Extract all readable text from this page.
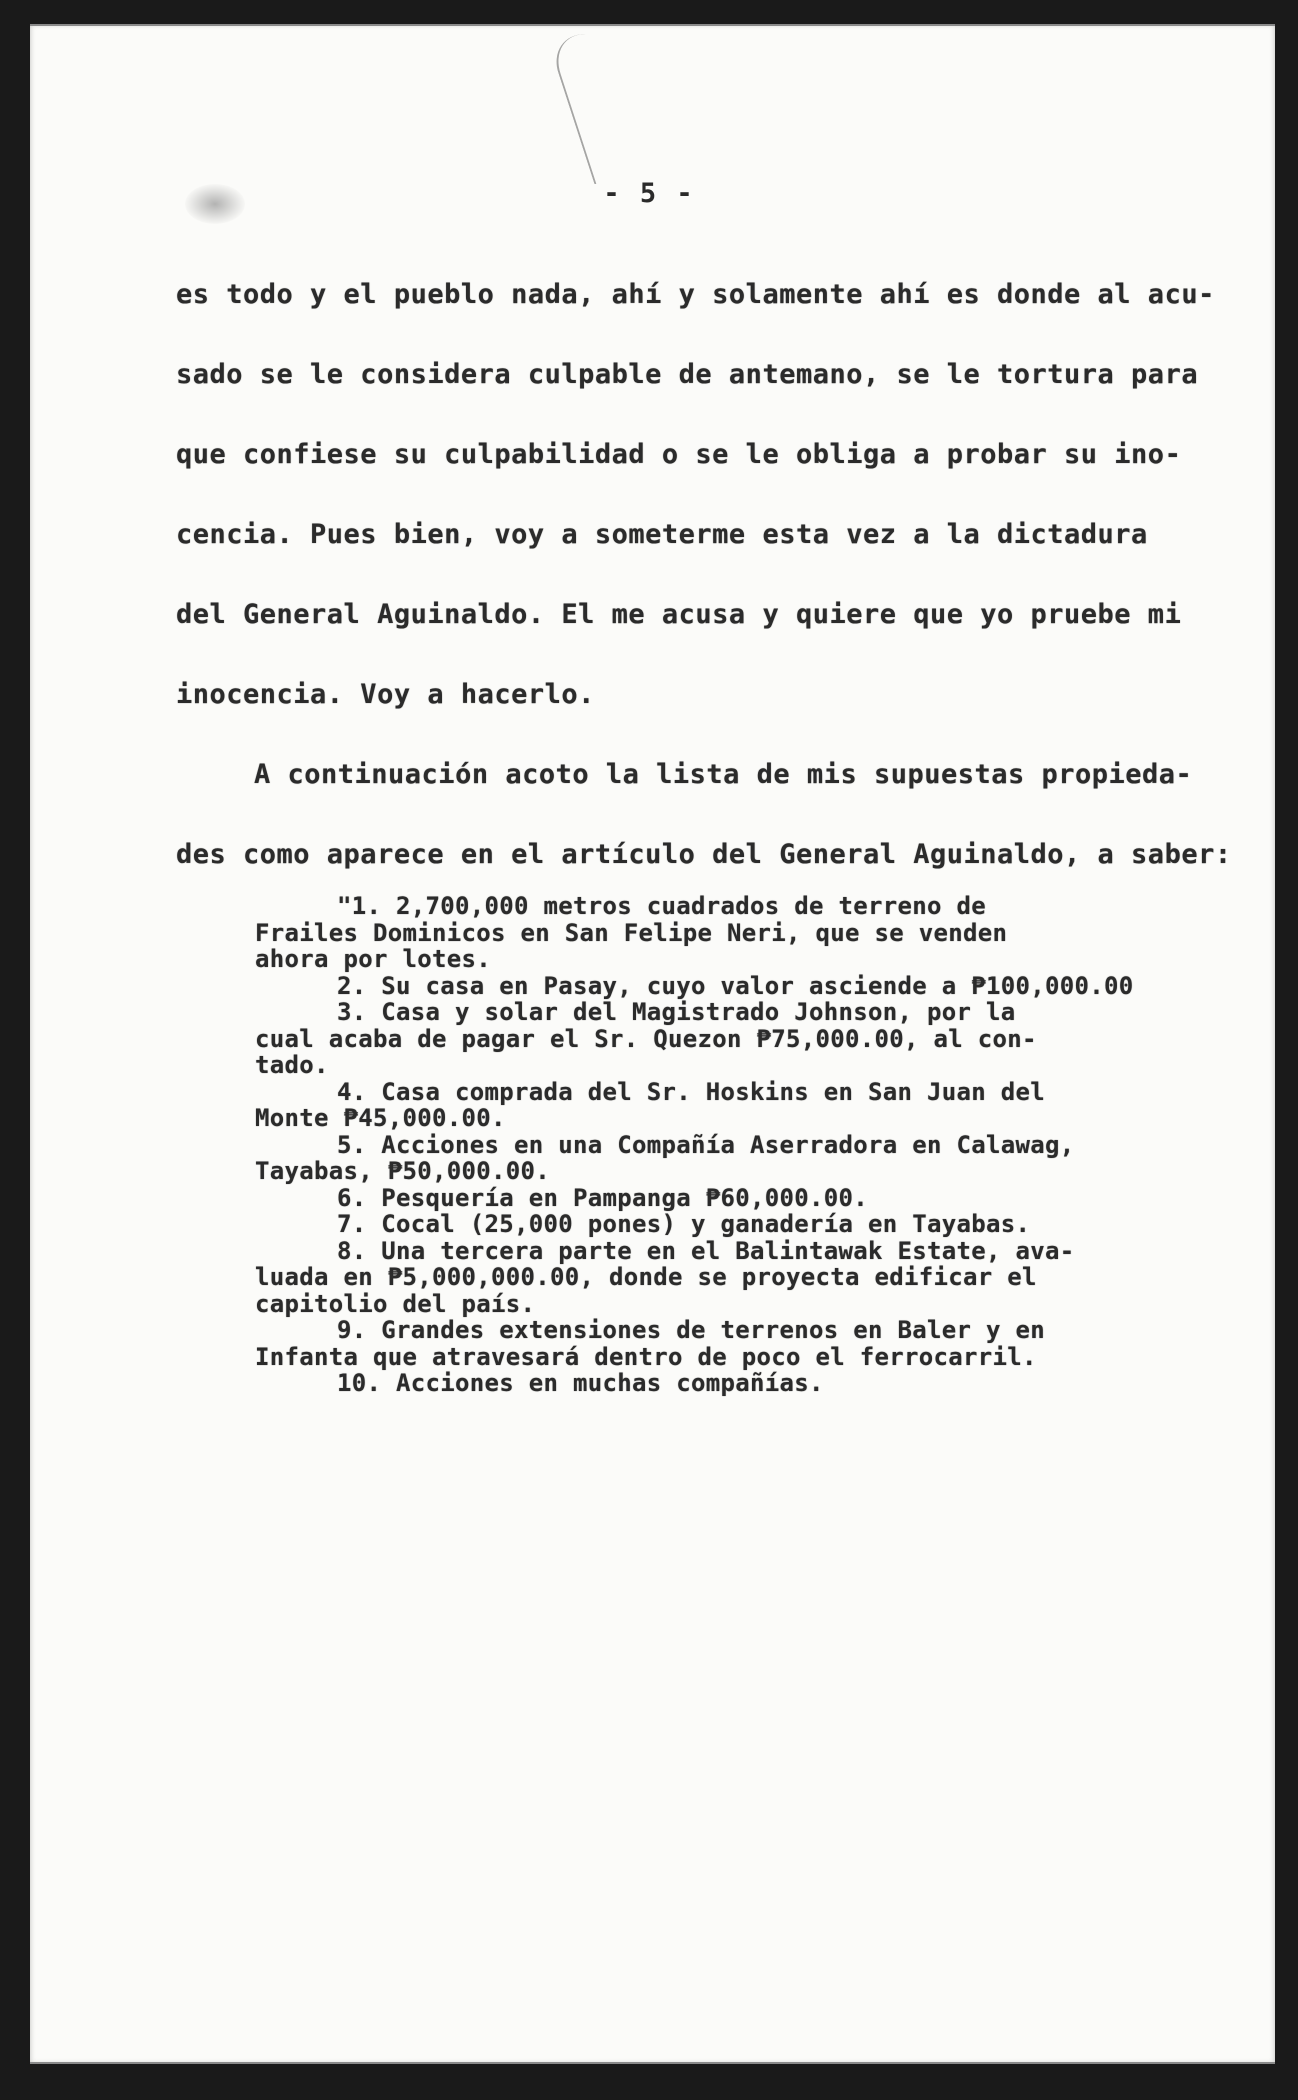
- 5 -
es todo y el pueblo nada, ahí y solamente ahí es donde al acu-
sado se le considera culpable de antemano, se le tortura para
que confiese su culpabilidad o se le obliga a probar su ino-
cencia. Pues bien, voy a someterme esta vez a la dictadura
del General Aguinaldo. El me acusa y quiere que yo pruebe mi
inocencia. Voy a hacerlo.
A continuación acoto la lista de mis supuestas propieda-
des como aparece en el artículo del General Aguinaldo, a saber:
"1. 2,700,000 metros cuadrados de terreno de
Frailes Dominicos en San Felipe Neri, que se venden
ahora por lotes.
2. Su casa en Pasay, cuyo valor asciende a ₱100,000.00
3. Casa y solar del Magistrado Johnson, por la
cual acaba de pagar el Sr. Quezon ₱75,000.00, al con-
tado.
4. Casa comprada del Sr. Hoskins en San Juan del
Monte ₱45,000.00.
5. Acciones en una Compañía Aserradora en Calawag,
Tayabas, ₱50,000.00.
6. Pesquería en Pampanga ₱60,000.00.
7. Cocal (25,000 pones) y ganadería en Tayabas.
8. Una tercera parte en el Balintawak Estate, ava-
luada en ₱5,000,000.00, donde se proyecta edificar el
capitolio del país.
9. Grandes extensiones de terrenos en Baler y en
Infanta que atravesará dentro de poco el ferrocarril.
10. Acciones en muchas compañías.
